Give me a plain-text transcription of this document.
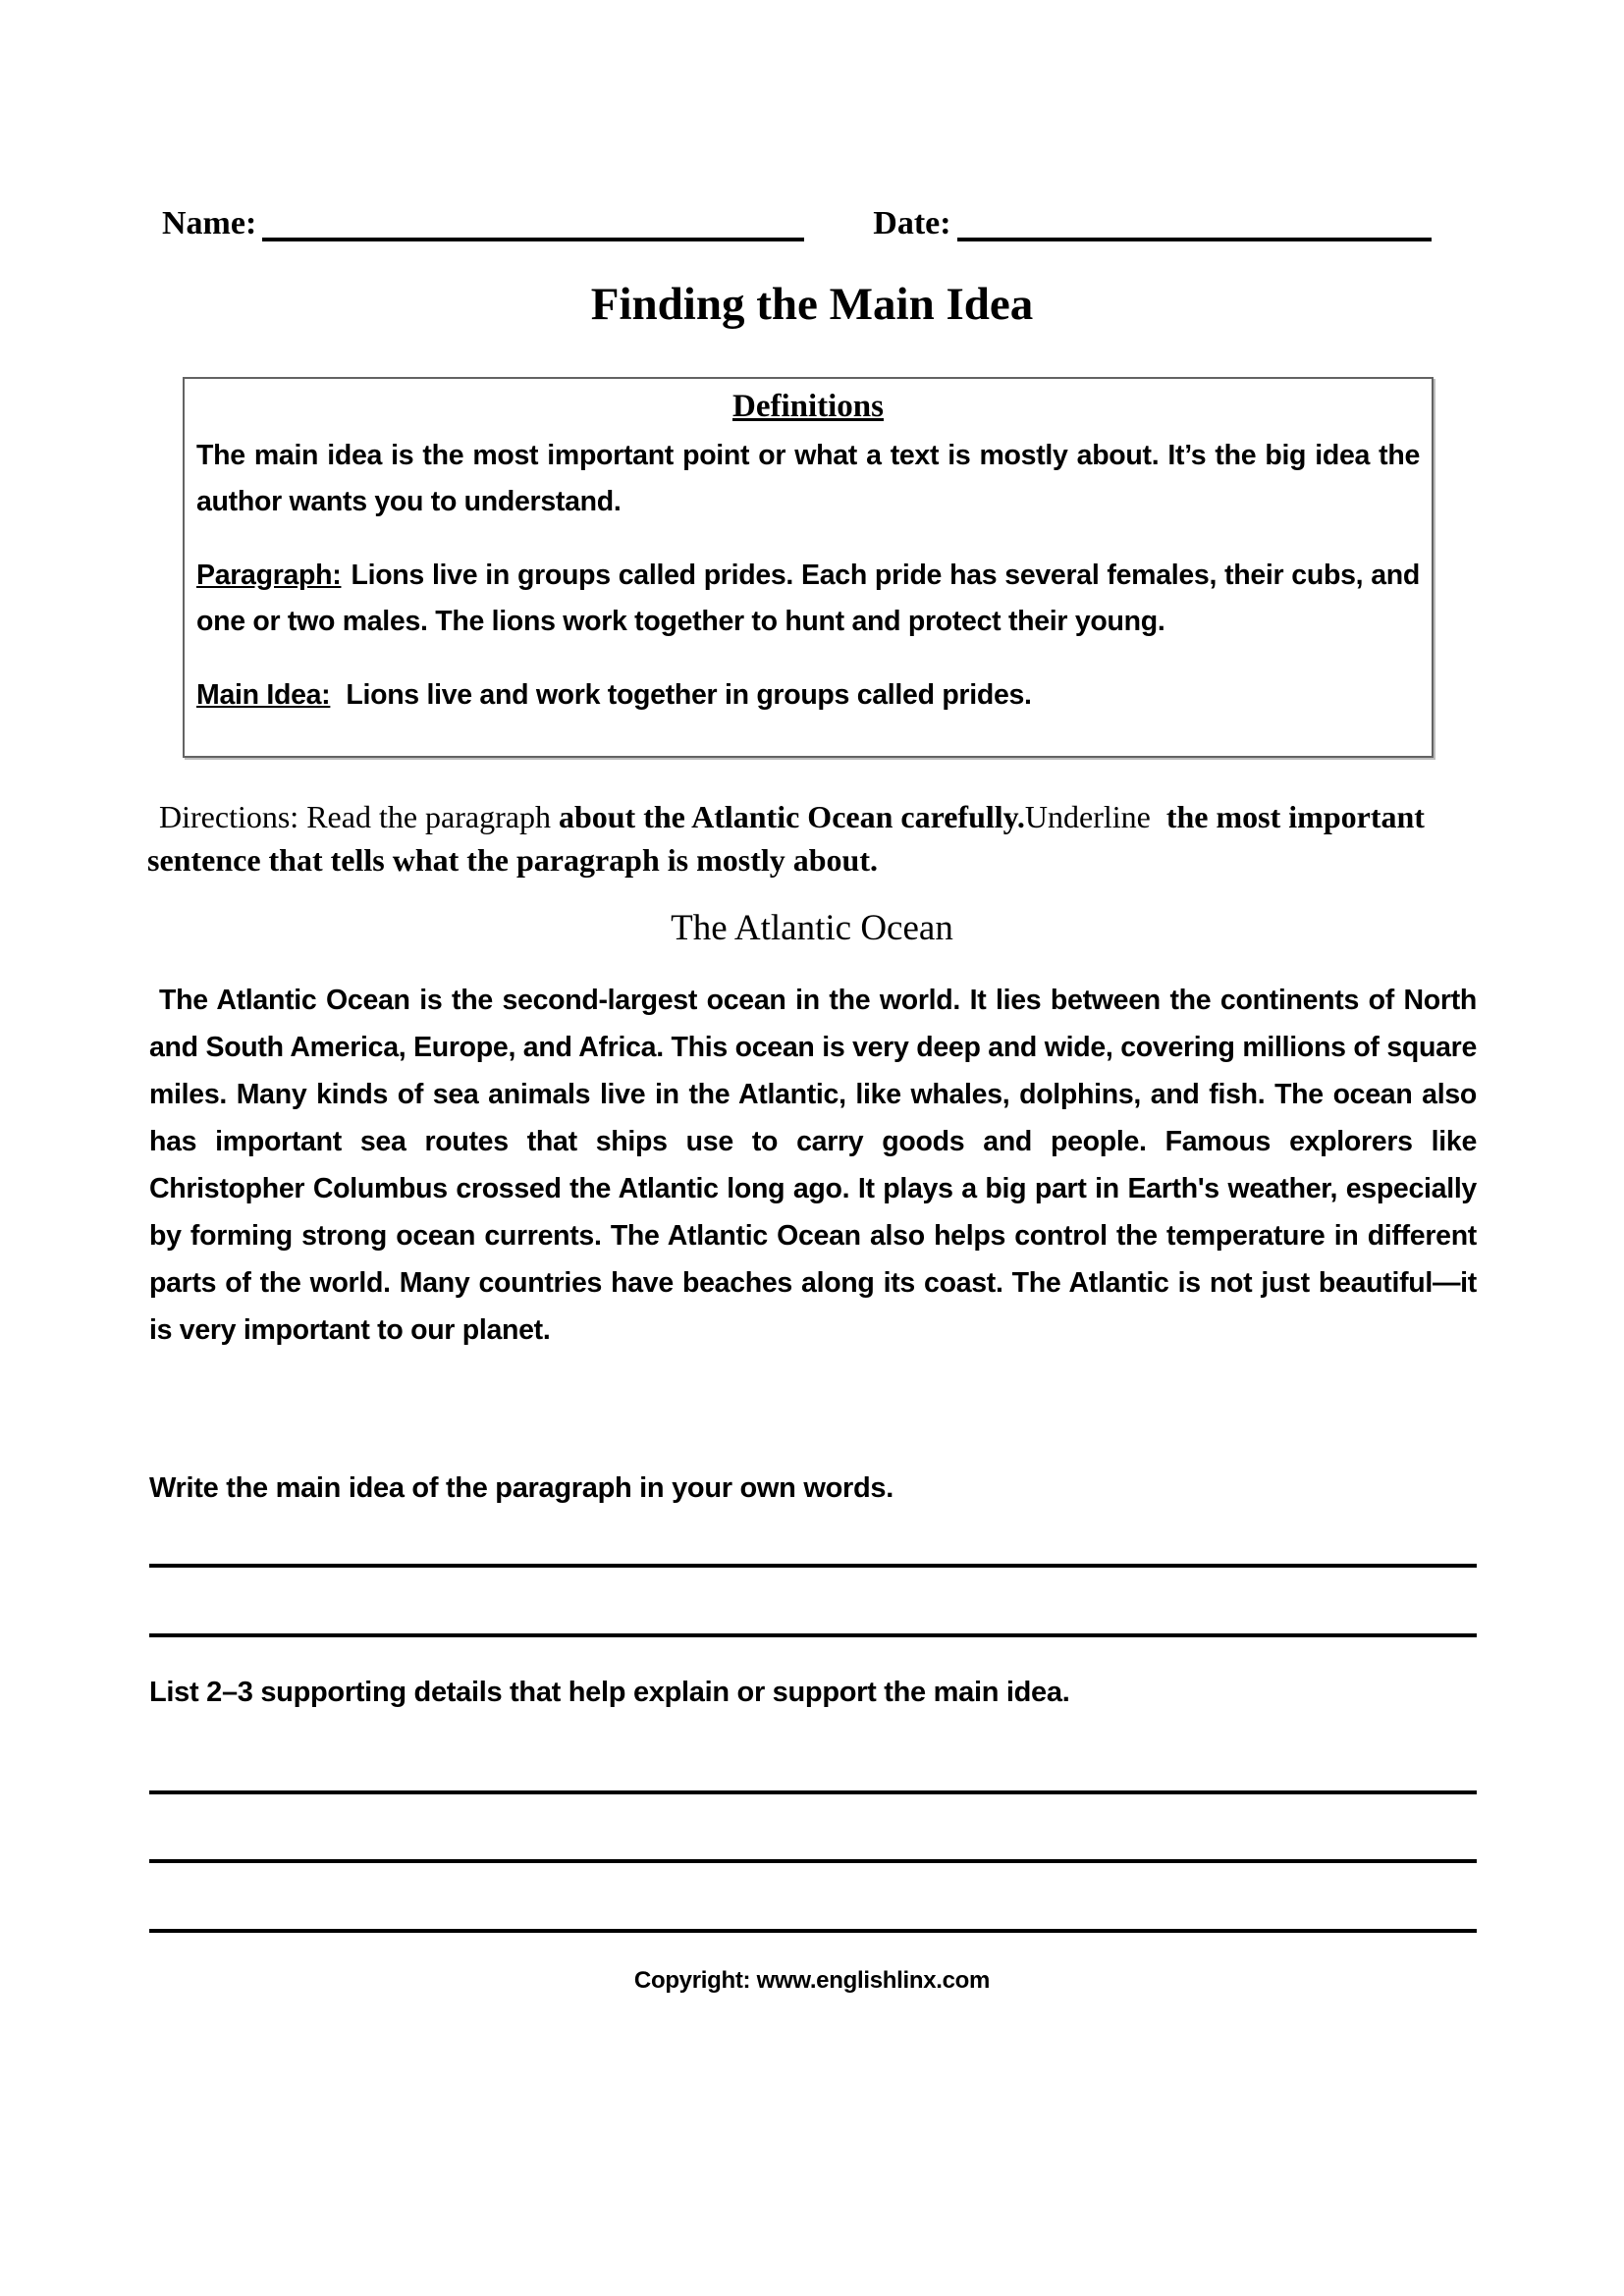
Name:	Date:
Finding the Main Idea
Definitions

The main idea is the most important point or what a text is mostly about. It’s the big idea the author wants you to understand.

Paragraph: Lions live in groups called prides. Each pride has several females, their cubs, and one or two males. The lions work together to hunt and protect their young.

Main Idea: Lions live and work together in groups called prides.

Directions: Read the paragraph about the Atlantic Ocean carefully.Underline  the most important sentence that tells what the paragraph is mostly about.
The Atlantic Ocean
The Atlantic Ocean is the second-largest ocean in the world. It lies between the continents of North and South America, Europe, and Africa. This ocean is very deep and wide, covering millions of square miles. Many kinds of sea animals live in the Atlantic, like whales, dolphins, and fish. The ocean also has important sea routes that ships use to carry goods and people. Famous explorers like Christopher Columbus crossed the Atlantic long ago. It plays a big part in Earth's weather, especially by forming strong ocean currents. The Atlantic Ocean also helps control the temperature in different parts of the world. Many countries have beaches along its coast. The Atlantic is not just beautiful—it is very important to our planet.
Write the main idea of the paragraph in your own words.
List 2–3 supporting details that help explain or support the main idea.
Copyright: www.englishlinx.com
